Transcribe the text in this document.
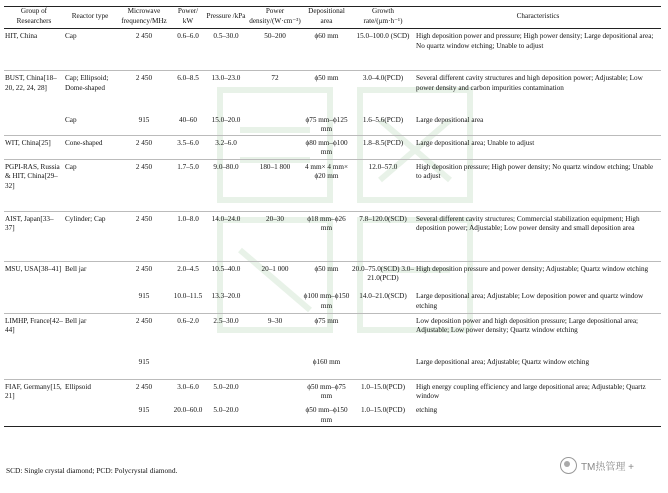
Group of Researchers	Reactor type	Microwave frequency/MHz	Power/ kW	Pressure /kPa	Power density/(W·cm⁻³)	Depositional area	Growth rate/(μm·h⁻¹)	Characteristics
HIT, China	Cap	2 450	0.6–6.0	0.5–30.0	50–200	ϕ60 mm	15.0–100.0 (SCD)	High deposition power and pressure; High power density; Large depositional area; No quartz window etching; Unable to adjust
BUST, China[18–20, 22, 24, 28]	Cap; Ellipsoid; Dome-shaped	2 450	6.0–8.5	13.0–23.0	72	ϕ50 mm	3.0–4.0(PCD)	Several different cavity structures and high deposition power; Adjustable; Low power density and carbon impurities contamination
	Cap	915	40–60	15.0–20.0		ϕ75 mm–ϕ125 mm	1.6–5.6(PCD)	Large depositional area
WIT, China[25]	Cone-shaped	2 450	3.5–6.0	3.2–6.0		ϕ80 mm–ϕ100 mm	1.8–8.5(PCD)	Large depositional area; Unable to adjust
PGPI-RAS, Russia & HIT, China[29–32]	Cap	2 450	1.7–5.0	9.0–80.0	180–1 800	4 mm× 4 mm× ϕ20 mm	12.0–57.0	High deposition pressure; High power density; No quartz window etching; Unable to adjust
AIST, Japan[33–37]	Cylinder; Cap	2 450	1.0–8.0	14.0–24.0	20–30	ϕ18 mm–ϕ26 mm	7.8–120.0(SCD)	Several different cavity structures; Commercial stabilization equipment; High deposition power; Adjustable; Low power density and small deposition area
MSU, USA[38–41]	Bell jar	2 450	2.0–4.5	10.5–40.0	20–1 000	ϕ50 mm	20.0–75.0(SCD) 3.0–21.0(PCD)	High deposition pressure and power density; Adjustable; Quartz window etching
		915	10.0–11.5	13.3–20.0		ϕ100 mm–ϕ150 mm	14.0–21.0(SCD)	Large depositional area; Adjustable; Low deposition power and quartz window etching
LIMHP, France[42–44]	Bell jar	2 450	0.6–2.0	2.5–30.0	9–30	ϕ75 mm		Low deposition power and high deposition pressure; Large depositional area; Adjustable; Low power density; Quartz window etching
		915				ϕ160 mm		Large depositional area; Adjustable; Quartz window etching
FIAF, Germany[15, 21]	Ellipsoid	2 450	3.0–6.0	5.0–20.0		ϕ50 mm–ϕ75 mm	1.0–15.0(PCD)	High energy coupling efficiency and large depositional area; Adjustable; Quartz window
		915	20.0–60.0	5.0–20.0		ϕ50 mm–ϕ150 mm	1.0–15.0(PCD)	etching
SCD: Single crystal diamond; PCD: Polycrystal diamond.	TM热管理 +
